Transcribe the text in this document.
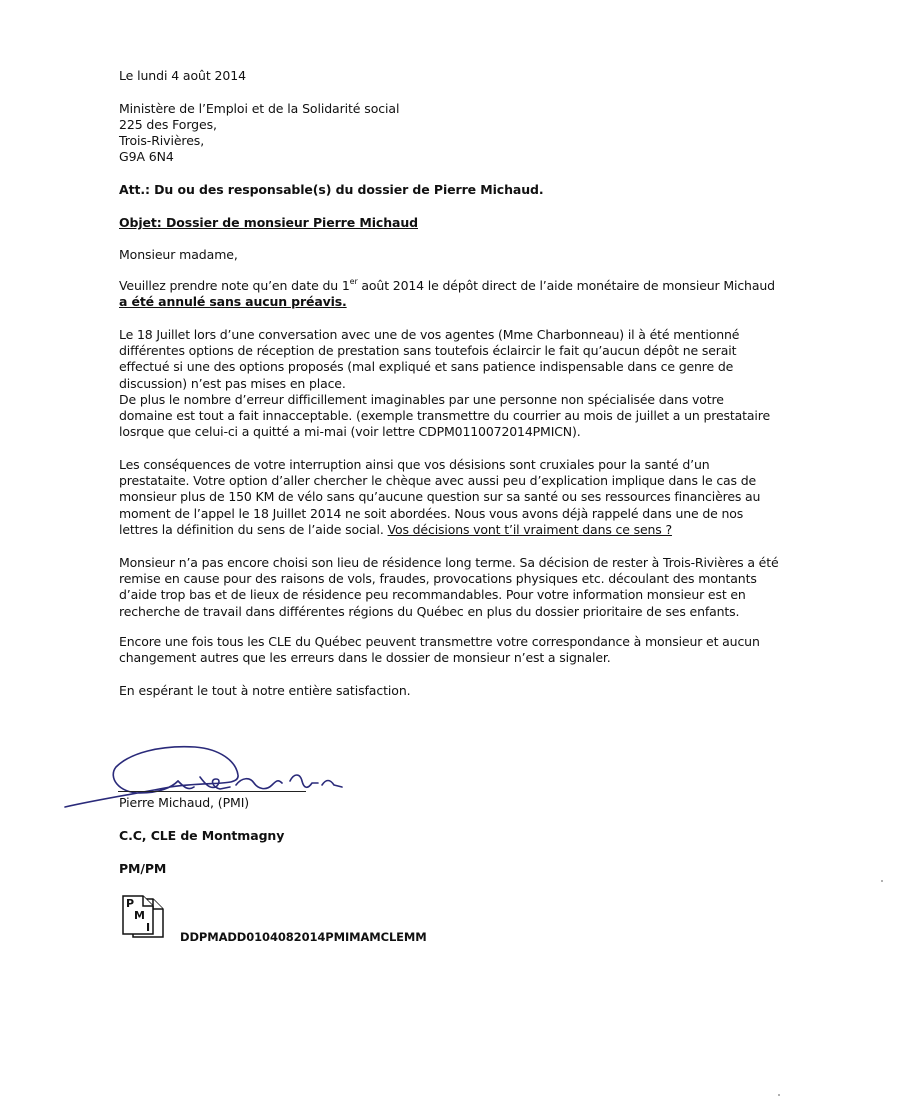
Le lundi 4 août 2014
Ministère de l’Emploi et de la Solidarité social
225 des Forges,
Trois-Rivières,
G9A 6N4
Att.: Du ou des responsable(s) du dossier de Pierre Michaud.
Objet: Dossier de monsieur Pierre Michaud
Monsieur madame,
Veuillez prendre note qu’en date du 1er août 2014 le dépôt direct de l’aide monétaire de monsieur Michaud a été annulé sans aucun préavis.
Le 18 Juillet lors d’une conversation avec une de vos agentes (Mme Charbonneau) il à été mentionné différentes options de réception de prestation sans toutefois éclaircir le fait qu’aucun dépôt ne serait effectué si une des options proposés (mal expliqué et sans patience indispensable dans ce genre de discussion) n’est pas mises en place.
De plus le nombre d’erreur difficillement imaginables par une personne non spécialisée dans votre domaine est tout a fait innacceptable. (exemple transmettre du courrier au mois de juillet a un prestataire losrque que celui-ci a quitté a mi-mai (voir lettre CDPM0110072014PMICN).
Les conséquences de votre interruption ainsi que vos désisions sont cruxiales pour la santé d’un prestataite. Votre option d’aller chercher le chèque avec aussi peu d’explication implique dans le cas de monsieur plus de 150 KM de vélo sans qu’aucune question sur sa santé ou ses ressources financières au moment de l’appel le 18 Juillet 2014 ne soit abordées. Nous vous avons déjà rappelé dans une de nos lettres la définition du sens de l’aide social. Vos décisions vont t’il vraiment dans ce sens ?
Monsieur n’a pas encore choisi son lieu de résidence long terme. Sa décision de rester à Trois-Rivières a été remise en cause pour des raisons de vols, fraudes, provocations physiques etc. découlant des montants d’aide trop bas et de lieux de résidence peu recommandables. Pour votre information monsieur est en recherche de travail dans différentes régions du Québec en plus du dossier prioritaire de ses enfants.
Encore une fois tous les CLE du Québec peuvent transmettre votre correspondance à monsieur et aucun changement autres que les erreurs dans le dossier de monsieur n’est a signaler.
En espérant le tout à notre entière satisfaction.
Pierre Michaud, (PMI)
C.C, CLE de Montmagny
PM/PM
P
M
I
DDPMADD0104082014PMIMAMCLEMM
